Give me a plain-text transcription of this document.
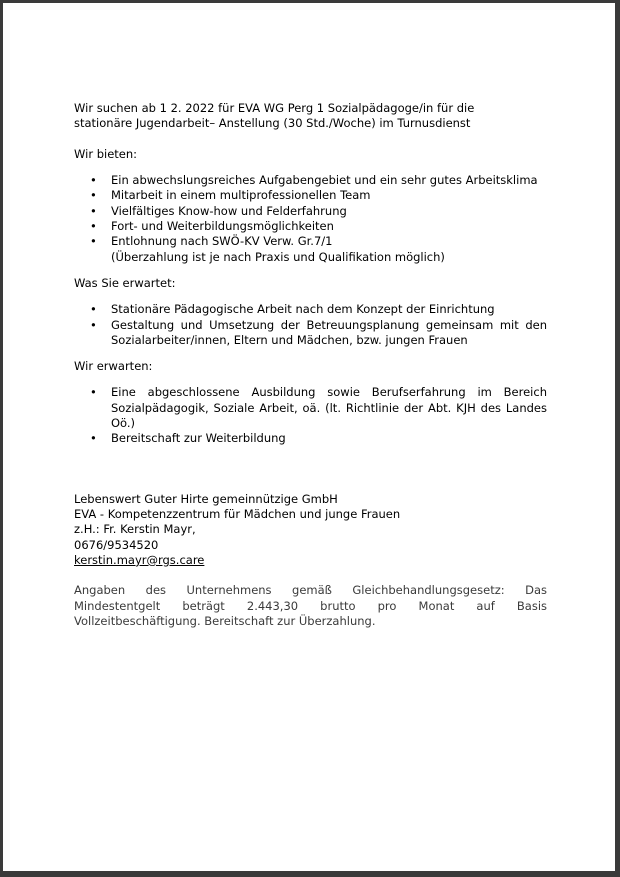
Wir suchen ab 1 2. 2022 für EVA WG Perg 1 Sozialpädagoge/in für die
stationäre Jugendarbeit– Anstellung (30 Std./Woche) im Turnusdienst

Wir bieten:

• Ein abwechslungsreiches Aufgabengebiet und ein sehr gutes Arbeitsklima
• Mitarbeit in einem multiprofessionellen Team
• Vielfältiges Know-how und Felderfahrung
• Fort- und Weiterbildungsmöglichkeiten
• Entlohnung nach SWÖ-KV Verw. Gr.7/1
(Überzahlung ist je nach Praxis und Qualifikation möglich)

Was Sie erwartet:

• Stationäre Pädagogische Arbeit nach dem Konzept der Einrichtung
• Gestaltung und Umsetzung der Betreuungsplanung gemeinsam mit den Sozialarbeiter/innen, Eltern und Mädchen, bzw. jungen Frauen

Wir erwarten:

• Eine abgeschlossene Ausbildung sowie Berufserfahrung im Bereich Sozialpädagogik, Soziale Arbeit, oä. (lt. Richtlinie der Abt. KJH des Landes Oö.)
• Bereitschaft zur Weiterbildung
Lebenswert Guter Hirte gemeinnützige GmbH
EVA - Kompetenzzentrum für Mädchen und junge Frauen
z.H.: Fr. Kerstin Mayr,
0676/9534520
kerstin.mayr@rgs.care

Angaben des Unternehmens gemäß Gleichbehandlungsgesetz: Das Mindestentgelt beträgt 2.443,30 brutto pro Monat auf Basis Vollzeitbeschäftigung. Bereitschaft zur Überzahlung.
